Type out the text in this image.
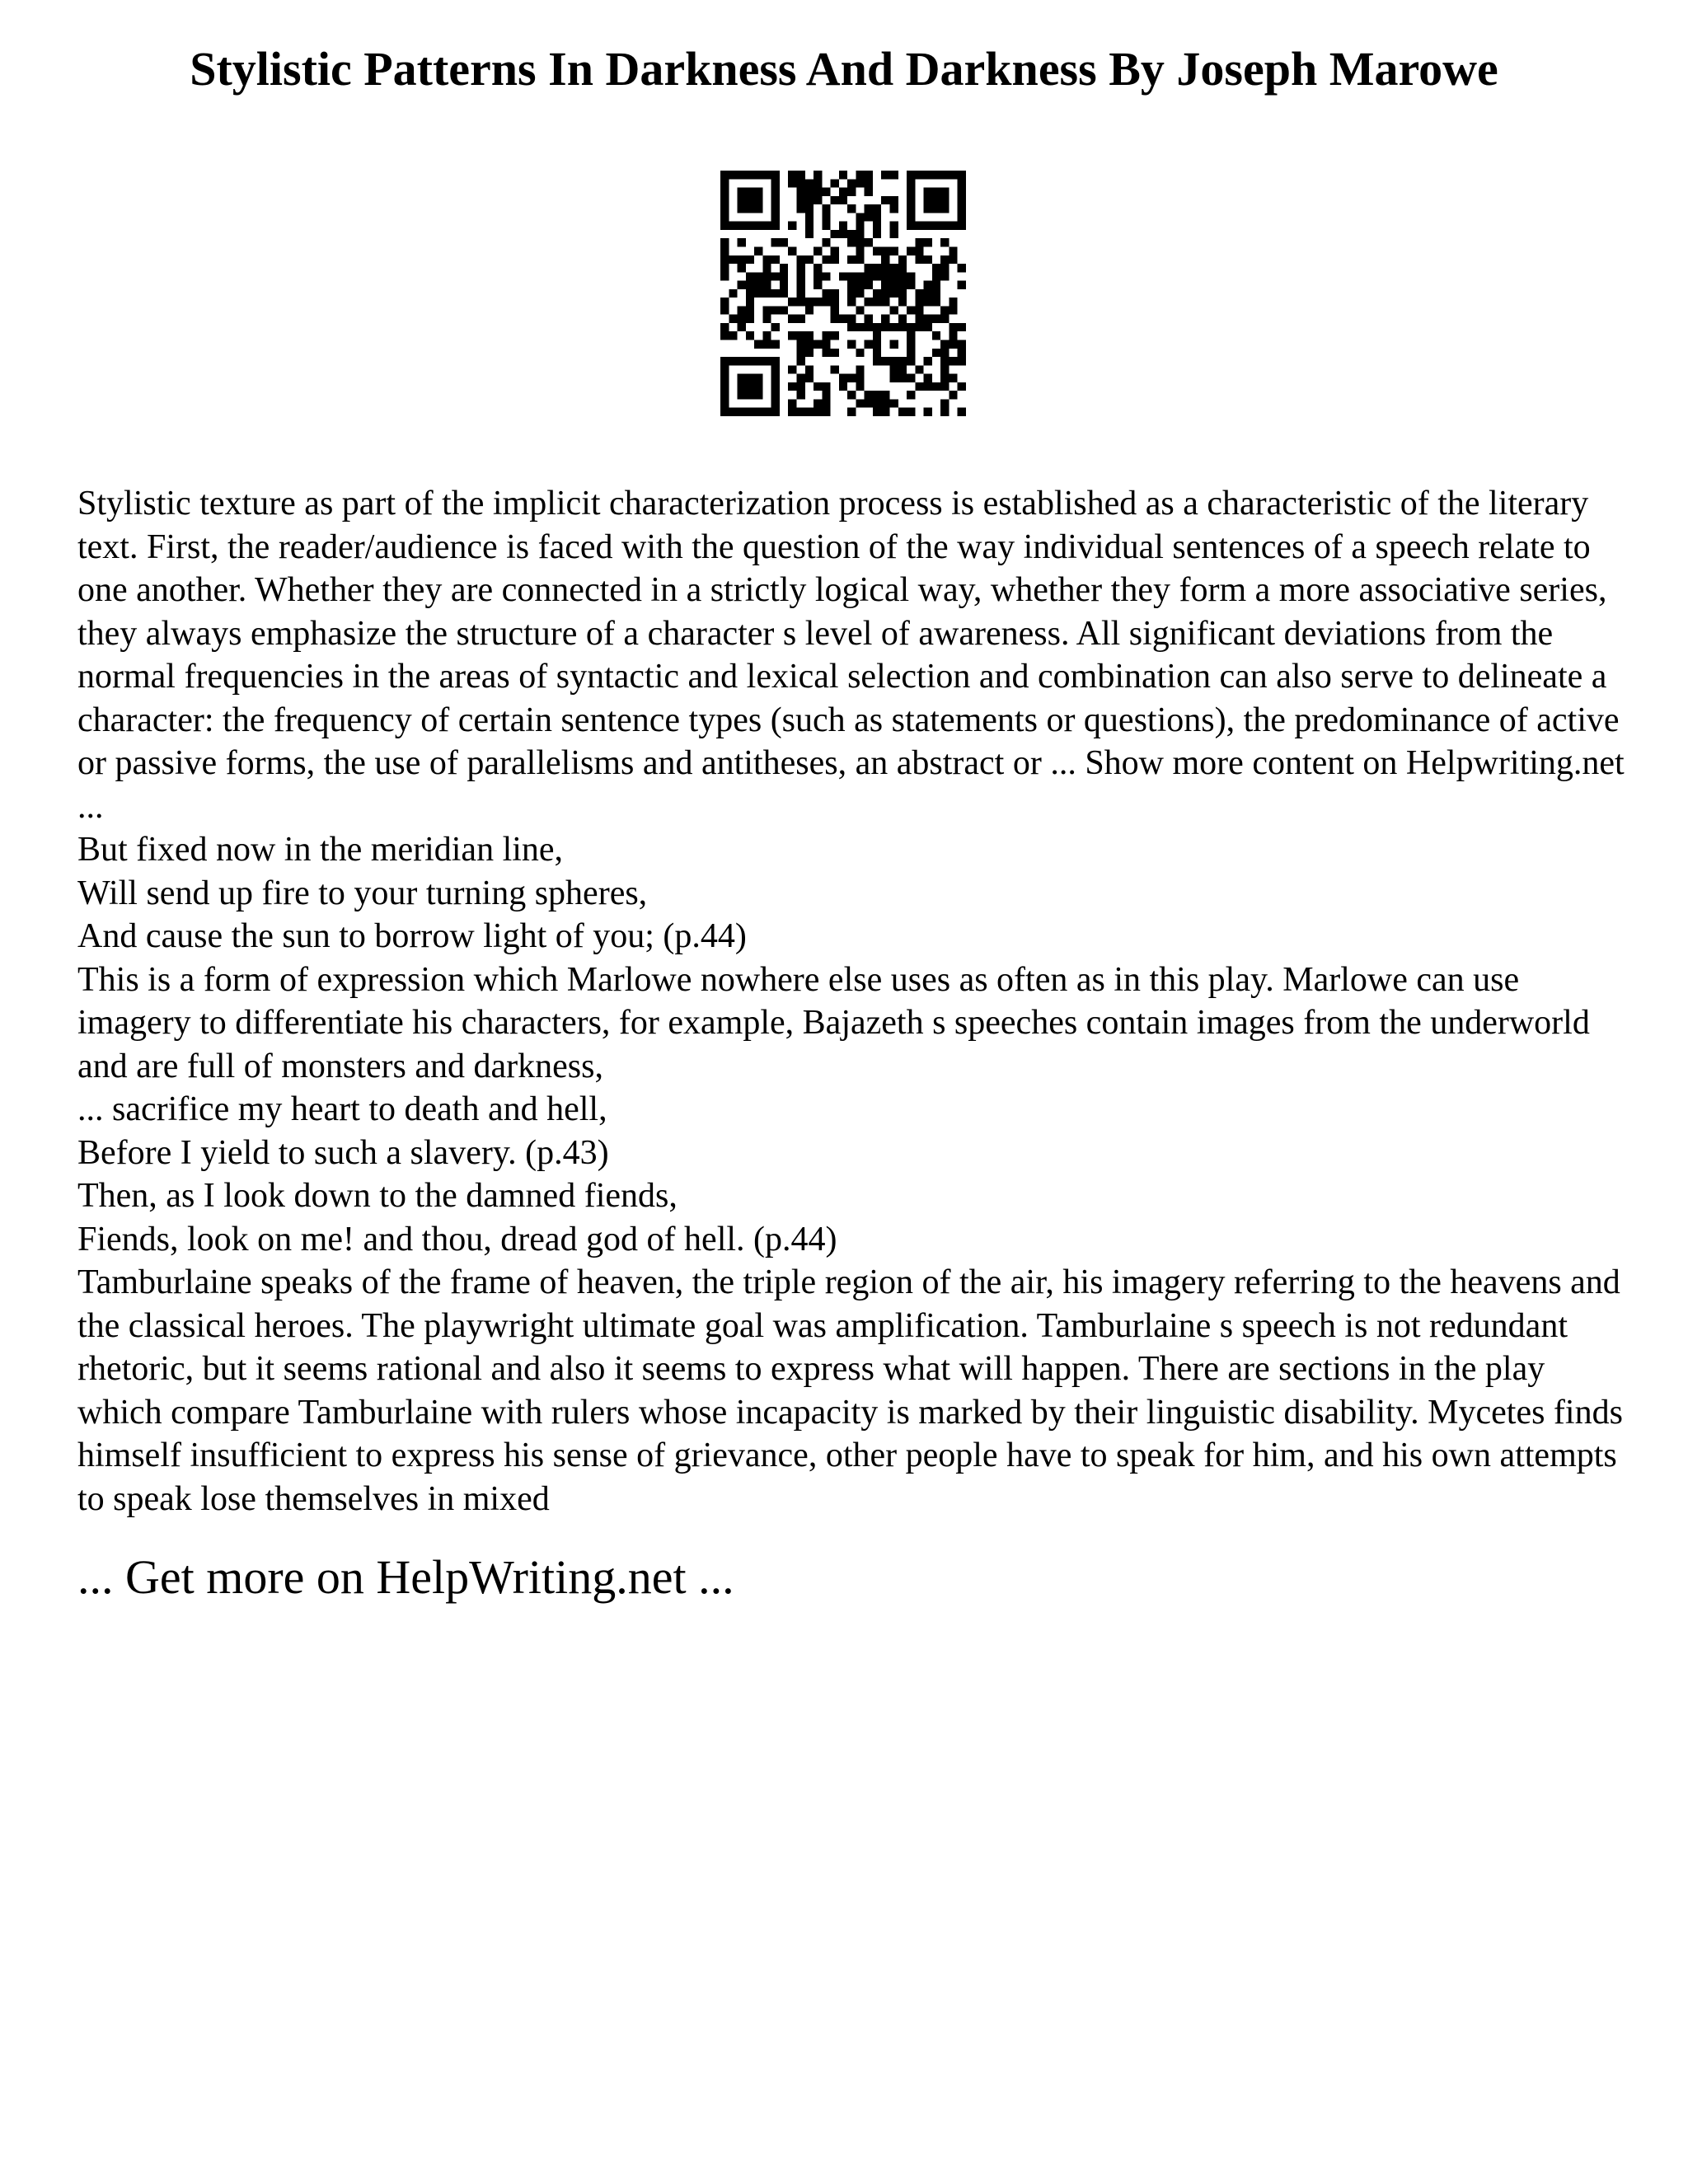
Stylistic Patterns In Darkness And Darkness By Joseph Marowe

Stylistic texture as part of the implicit characterization process is established as a characteristic of the literary text. First, the reader/audience is faced with the question of the way individual sentences of a speech relate to one another. Whether they are connected in a strictly logical way, whether they form a more associative series, they always emphasize the structure of a character s level of awareness. All significant deviations from the normal frequencies in the areas of syntactic and lexical selection and combination can also serve to delineate a character: the frequency of certain sentence types (such as statements or questions), the predominance of active or passive forms, the use of parallelisms and antitheses, an abstract or ... Show more content on Helpwriting.net ...

But fixed now in the meridian line,

Will send up fire to your turning spheres,

And cause the sun to borrow light of you; (p.44)

This is a form of expression which Marlowe nowhere else uses as often as in this play. Marlowe can use imagery to differentiate his characters, for example, Bajazeth s speeches contain images from the underworld and are full of monsters and darkness,

... sacrifice my heart to death and hell,

Before I yield to such a slavery. (p.43)

Then, as I look down to the damned fiends,

Fiends, look on me! and thou, dread god of hell. (p.44)

Tamburlaine speaks of the frame of heaven, the triple region of the air, his imagery referring to the heavens and the classical heroes. The playwright ultimate goal was amplification. Tamburlaine s speech is not redundant rhetoric, but it seems rational and also it seems to express what will happen. There are sections in the play which compare Tamburlaine with rulers whose incapacity is marked by their linguistic disability. Mycetes finds himself insufficient to express his sense of grievance, other people have to speak for him, and his own attempts to speak lose themselves in mixed

... Get more on HelpWriting.net ...
